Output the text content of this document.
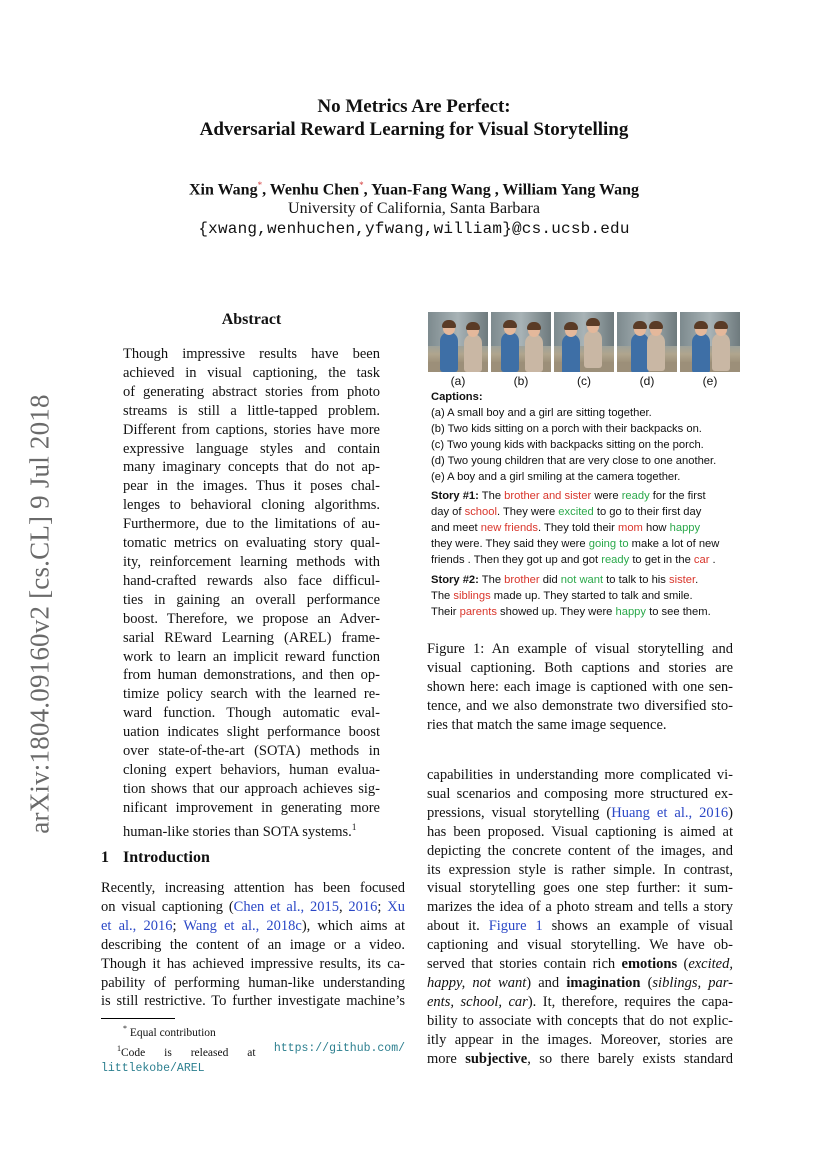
arXiv:1804.09160v2 [cs.CL] 9 Jul 2018
No Metrics Are Perfect:
Adversarial Reward Learning for Visual Storytelling
Xin Wang*, Wenhu Chen*, Yuan-Fang Wang , William Yang Wang
University of California, Santa Barbara
{xwang,wenhuchen,yfwang,william}@cs.ucsb.edu
Abstract
Though impressive results have been
achieved in visual captioning, the task
of generating abstract stories from photo
streams is still a little-tapped problem.
Different from captions, stories have more
expressive language styles and contain
many imaginary concepts that do not ap-
pear in the images. Thus it poses chal-
lenges to behavioral cloning algorithms.
Furthermore, due to the limitations of au-
tomatic metrics on evaluating story qual-
ity, reinforcement learning methods with
hand-crafted rewards also face difficul-
ties in gaining an overall performance
boost. Therefore, we propose an Adver-
sarial REward Learning (AREL) frame-
work to learn an implicit reward function
from human demonstrations, and then op-
timize policy search with the learned re-
ward function. Though automatic eval-
uation indicates slight performance boost
over state-of-the-art (SOTA) methods in
cloning expert behaviors, human evalua-
tion shows that our approach achieves sig-
nificant improvement in generating more
human-like stories than SOTA systems.$^1$
1 Introduction
Recently, increasing attention has been focused
on visual captioning (Chen et al., 2015, 2016; Xu
et al., 2016; Wang et al., 2018c), which aims at
describing the content of an image or a video.
Though it has achieved impressive results, its ca-
pability of performing human-like understanding
is still restrictive. To further investigate machine’s
* Equal contribution
$^1$Code is released at https://github.com/
littlekobe/AREL
(a)	(b)	(c)	(d)	(e)
Captions:
(a) A small boy and a girl are sitting together.
(b) Two kids sitting on a porch with their backpacks on.
(c) Two young kids with backpacks sitting on the porch.
(d) Two young children that are very close to one another.
(e) A boy and a girl smiling at the camera together.
Story #1: The brother and sister were ready for the first
day of school. They were excited to go to their first day
and meet new friends. They told their mom how happy
they were. They said they were going to make a lot of new
friends . Then they got up and got ready to get in the car .
Story #2: The brother did not want to talk to his sister.
The siblings made up. They started to talk and smile.
Their parents showed up. They were happy to see them.
Figure 1: An example of visual storytelling and
visual captioning. Both captions and stories are
shown here: each image is captioned with one sen-
tence, and we also demonstrate two diversified sto-
ries that match the same image sequence.
capabilities in understanding more complicated vi-
sual scenarios and composing more structured ex-
pressions, visual storytelling (Huang et al., 2016)
has been proposed. Visual captioning is aimed at
depicting the concrete content of the images, and
its expression style is rather simple. In contrast,
visual storytelling goes one step further: it sum-
marizes the idea of a photo stream and tells a story
about it. Figure 1 shows an example of visual
captioning and visual storytelling. We have ob-
served that stories contain rich emotions (excited,
happy, not want) and imagination (siblings, par-
ents, school, car). It, therefore, requires the capa-
bility to associate with concepts that do not explic-
itly appear in the images. Moreover, stories are
more subjective, so there barely exists standard
